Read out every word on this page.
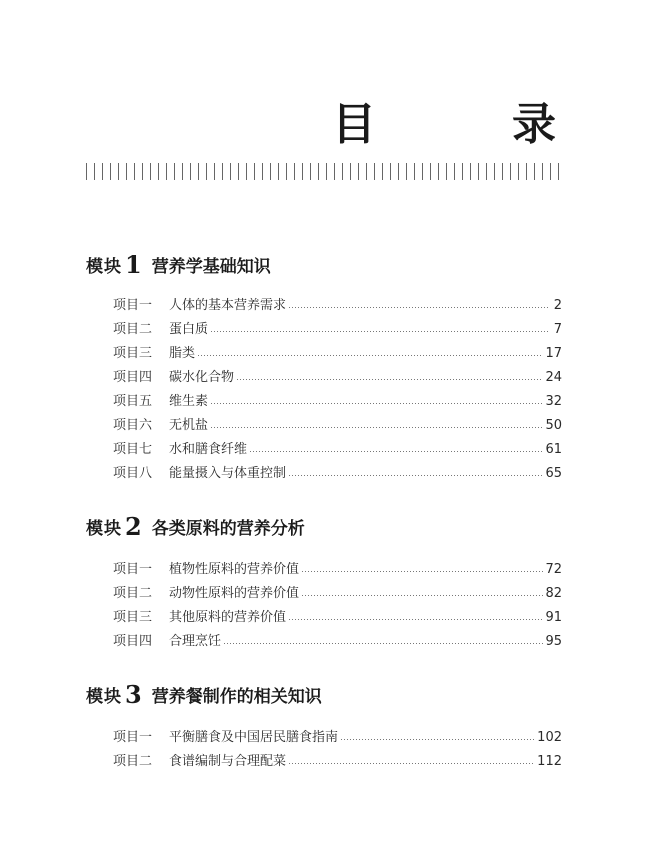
目　录
模块 1 营养学基础知识
项目一	人体的基本营养需求	2
项目二	蛋白质	7
项目三	脂类	17
项目四	碳水化合物	24
项目五	维生素	32
项目六	无机盐	50
项目七	水和膳食纤维	61
项目八	能量摄入与体重控制	65
模块 2 各类原料的营养分析
项目一	植物性原料的营养价值	72
项目二	动物性原料的营养价值	82
项目三	其他原料的营养价值	91
项目四	合理烹饪	95
模块 3 营养餐制作的相关知识
项目一	平衡膳食及中国居民膳食指南	102
项目二	食谱编制与合理配菜	112
